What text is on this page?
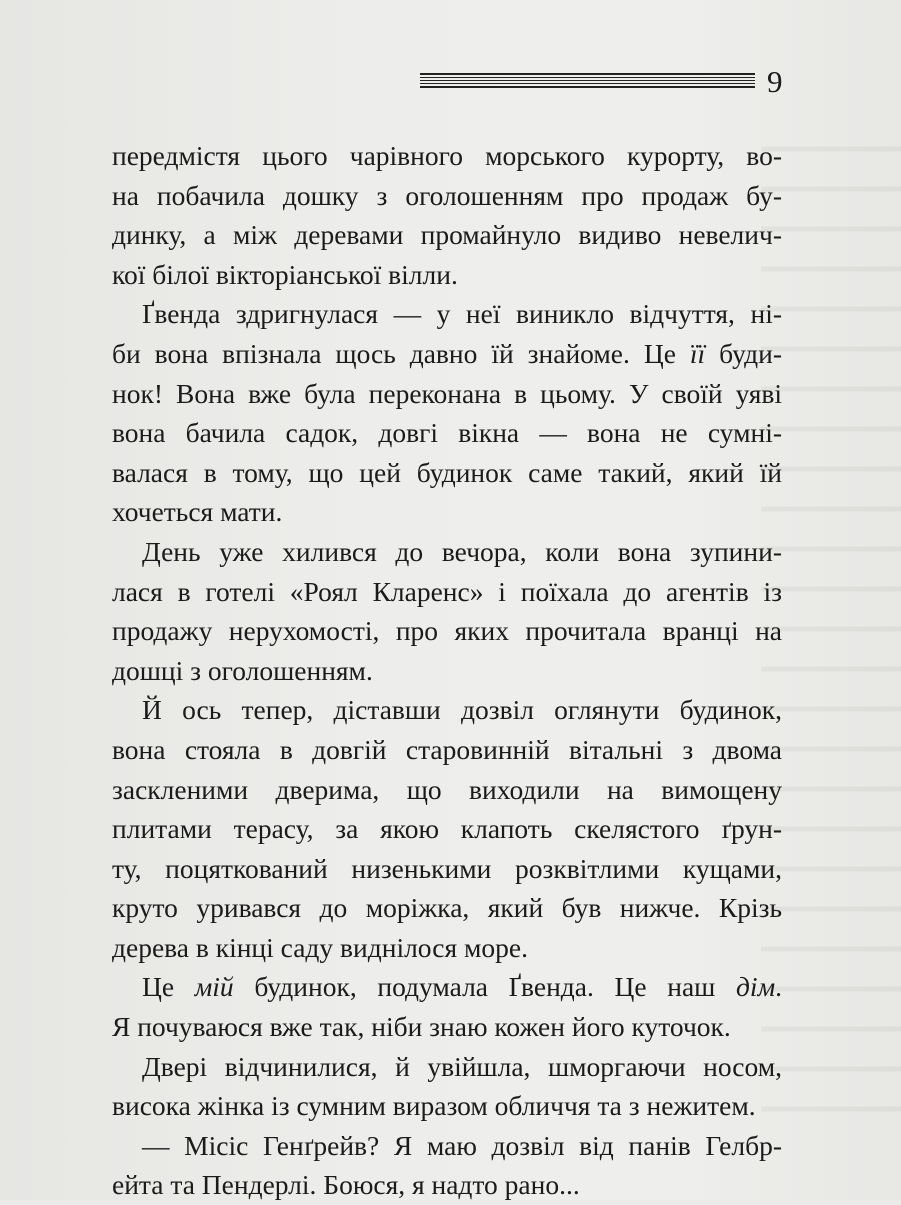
9
передмістя цього чарівного морського курорту, во-
на побачила дошку з оголошенням про продаж бу-
динку, а між деревами промайнуло видиво невелич-
кої білої вікторіанської вілли.
Ґвенда здригнулася — у неї виникло відчуття, ні-
би вона впізнала щось давно їй знайоме. Це її буди-
нок! Вона вже була переконана в цьому. У своїй уяві
вона бачила садок, довгі вікна — вона не сумні-
валася в тому, що цей будинок саме такий, який їй
хочеться мати.
День уже хилився до вечора, коли вона зупини-
лася в готелі «Роял Кларенс» і поїхала до агентів із
продажу нерухомості, про яких прочитала вранці на
дошці з оголошенням.
Й ось тепер, діставши дозвіл оглянути будинок,
вона стояла в довгій старовинній вітальні з двома
заскленими дверима, що виходили на вимощену
плитами терасу, за якою клапоть скелястого ґрун-
ту, поцяткований низенькими розквітлими кущами,
круто уривався до моріжка, який був нижче. Крізь
дерева в кінці саду виднілося море.
Це мій будинок, подумала Ґвенда. Це наш дім.
Я почуваюся вже так, ніби знаю кожен його куточок.
Двері відчинилися, й увійшла, шморгаючи носом,
висока жінка із сумним виразом обличчя та з нежитем.
— Місіс Генґрейв? Я маю дозвіл від панів Гелбр-
ейта та Пендерлі. Боюся, я надто рано...
